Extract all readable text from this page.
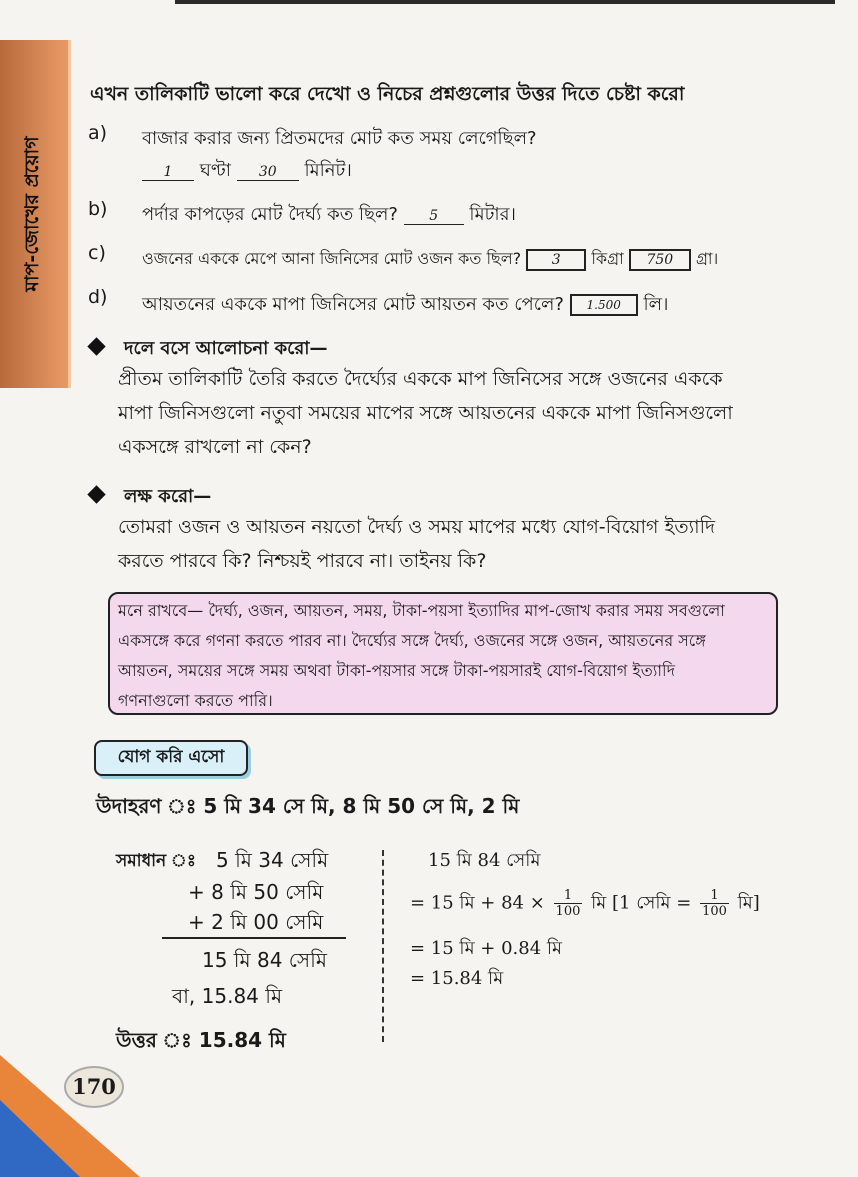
মাপ-জোখের প্রয়োগ
এখন তালিকাটি ভালো করে দেখো ও নিচের প্রশ্নগুলোর উত্তর দিতে চেষ্টা করো
a) বাজার করার জন্য প্রিতমদের মোট কত সময় লেগেছিল?
1 ঘণ্টা 30 মিনিট।
b) পর্দার কাপড়ের মোট দৈর্ঘ্য কত ছিল? 5 মিটার।
c) ওজনের এককে মেপে আনা জিনিসের মোট ওজন কত ছিল? 3 কিগ্রা 750 গ্রা।
d) আয়তনের এককে মাপা জিনিসের মোট আয়তন কত পেলে? 1.500 লি।
দলে বসে আলোচনা করো—
প্রীতম তালিকাটি তৈরি করতে দৈর্ঘ্যের এককে মাপ জিনিসের সঙ্গে ওজনের এককে
মাপা জিনিসগুলো নতুবা সময়ের মাপের সঙ্গে আয়তনের এককে মাপা জিনিসগুলো
একসঙ্গে রাখলো না কেন?
লক্ষ করো—
তোমরা ওজন ও আয়তন নয়তো দৈর্ঘ্য ও সময় মাপের মধ্যে যোগ-বিয়োগ ইত্যাদি
করতে পারবে কি? নিশ্চয়ই পারবে না। তাইনয় কি?
মনে রাখবে— দৈর্ঘ্য, ওজন, আয়তন, সময়, টাকা-পয়সা ইত্যাদির মাপ-জোখ করার সময় সবগুলো
একসঙ্গে করে গণনা করতে পারব না। দৈর্ঘ্যের সঙ্গে দৈর্ঘ্য, ওজনের সঙ্গে ওজন, আয়তনের সঙ্গে
আয়তন, সময়ের সঙ্গে সময় অথবা টাকা-পয়সার সঙ্গে টাকা-পয়সারই যোগ-বিয়োগ ইত্যাদি
গণনাগুলো করতে পারি।
যোগ করি এসো
উদাহরণ ঃ 5 মি 34 সে মি, 8 মি 50 সে মি, 2 মি
সমাধান ঃ 5 মি 34 সেমি
+ 8 মি 50 সেমি
+ 2 মি 00 সেমি
15 মি 84 সেমি
বা, 15.84 মি
15 মি 84 সেমি
= 15 মি + $84 \times \frac{1}{100}$ মি [1 সেমি = $\frac{1}{100}$ মি]
= 15 মি + 0.84 মি
= 15.84 মি
উত্তর ঃ 15.84 মি
170
